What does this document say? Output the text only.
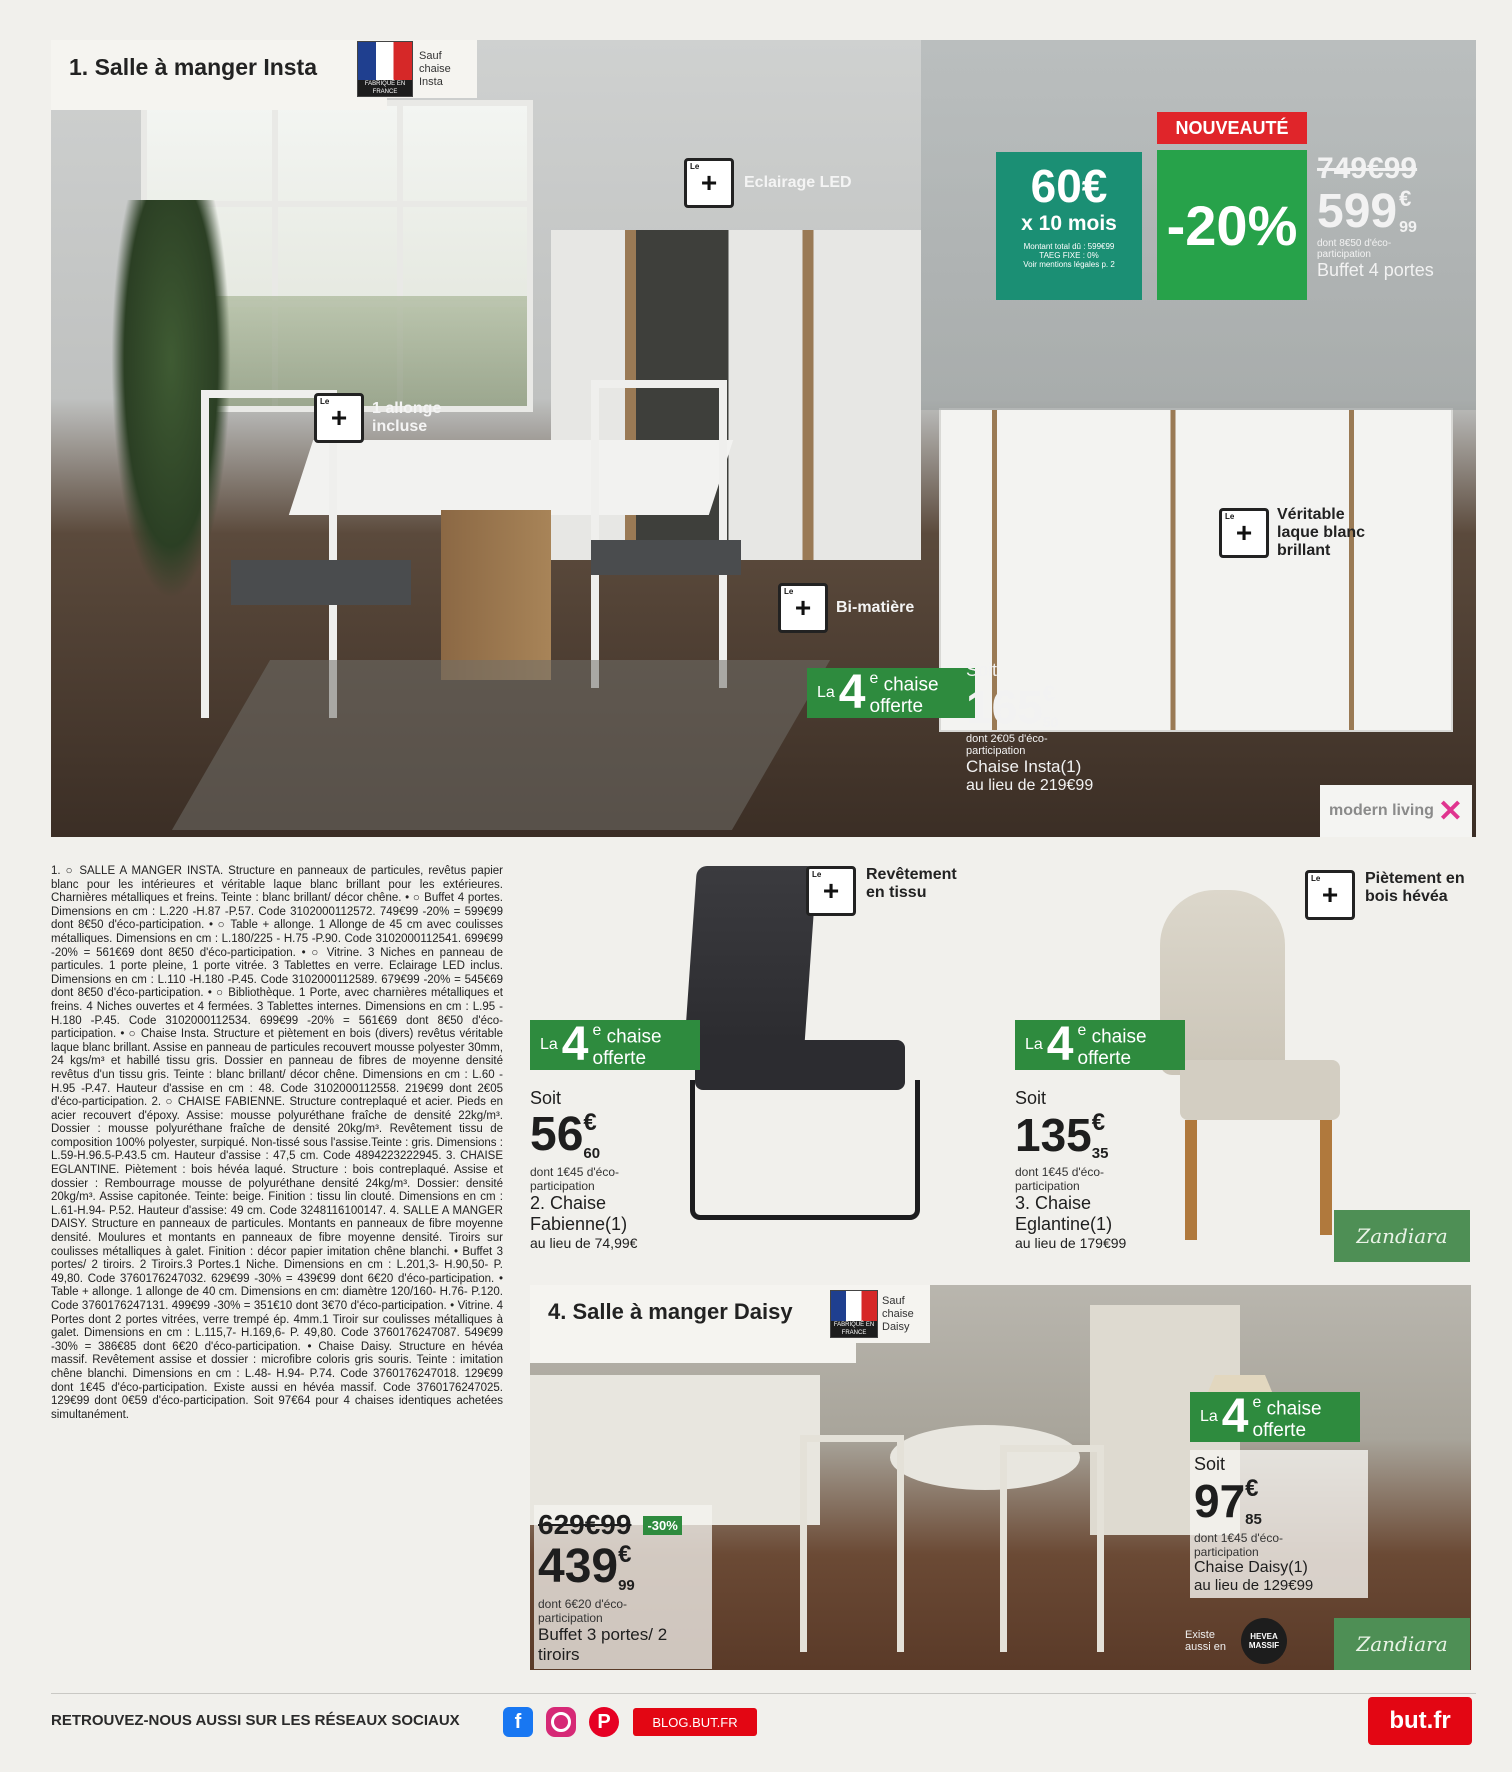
1. Salle à manger Insta
FABRIQUÉ EN FRANCE
Sauf chaise Insta
Le
+	Eclairage LED
Le
+	1 allonge incluse
Le
+	Bi-matière
Le
+
Véritable laque blanc brillant
60€
x 10 mois
Montant total dû : 599€99
TAEG FIXE : 0%
Voir mentions légales p. 2
NOUVEAUTÉ
-20%
749€99
599 €
99
dont 8€50 d'éco-participation
Buffet 4 portes
La 4 $^e$ chaise offerte
Soit
165 €
50
dont 2€05 d'éco-participation
Chaise Insta(1)
au lieu de 219€99
modern living ✕
1. ○ SALLE A MANGER INSTA. Structure en panneaux de particules, revêtus papier blanc pour les intérieures et véritable laque blanc brillant pour les extérieures. Charnières métalliques et freins. Teinte : blanc brillant/ décor chêne. • ○ Buffet 4 portes. Dimensions en cm : L.220 -H.87 -P.57. Code 3102000112572. 749€99 -20% = 599€99 dont 8€50 d'éco-participation. • ○ Table + allonge. 1 Allonge de 45 cm avec coulisses métalliques. Dimensions en cm : L.180/225 - H.75 -P.90. Code 3102000112541. 699€99 -20% = 561€69 dont 8€50 d'éco-participation. • ○ Vitrine. 3 Niches en panneau de particules. 1 porte pleine, 1 porte vitrée. 3 Tablettes en verre. Eclairage LED inclus. Dimensions en cm : L.110 -H.180 -P.45. Code 3102000112589. 679€99 -20% = 545€69 dont 8€50 d'éco-participation. • ○ Bibliothèque. 1 Porte, avec charnières métalliques et freins. 4 Niches ouvertes et 4 fermées. 3 Tablettes internes. Dimensions en cm : L.95 -H.180 -P.45. Code 3102000112534. 699€99 -20% = 561€69 dont 8€50 d'éco-participation. • ○ Chaise Insta. Structure et piètement en bois (divers) revêtus véritable laque blanc brillant. Assise en panneau de particules recouvert mousse polyester 30mm, 24 kgs/m³ et habillé tissu gris. Dossier en panneau de fibres de moyenne densité revêtus d'un tissu gris. Teinte : blanc brillant/ décor chêne. Dimensions en cm : L.60 -H.95 -P.47. Hauteur d'assise en cm : 48. Code 3102000112558. 219€99 dont 2€05 d'éco-participation. 2. ○ CHAISE FABIENNE. Structure contreplaqué et acier. Pieds en acier recouvert d'époxy. Assise: mousse polyuréthane fraîche de densité 22kg/m³. Dossier : mousse polyuréthane fraîche de densité 20kg/m³. Revêtement tissu de composition 100% polyester, surpiqué. Non-tissé sous l'assise.Teinte : gris. Dimensions : L.59-H.96.5-P.43.5 cm. Hauteur d'assise : 47,5 cm. Code 4894223222945. 3. CHAISE EGLANTINE. Piètement : bois hévéa laqué. Structure : bois contreplaqué. Assise et dossier : Rembourrage mousse de polyuréthane densité 24kg/m³. Dossier: densité 20kg/m³. Assise capitonée. Teinte: beige. Finition : tissu lin clouté. Dimensions en cm : L.61-H.94- P.52. Hauteur d'assise: 49 cm. Code 3248116100147. 4. SALLE A MANGER DAISY. Structure en panneaux de particules. Montants en panneaux de fibre moyenne densité. Moulures et montants en panneaux de fibre moyenne densité. Tiroirs sur coulisses métalliques à galet. Finition : décor papier imitation chêne blanchi. • Buffet 3 portes/ 2 tiroirs. 2 Tiroirs.3 Portes.1 Niche. Dimensions en cm : L.201,3- H.90,50- P. 49,80. Code 3760176247032. 629€99 -30% = 439€99 dont 6€20 d'éco-participation. • Table + allonge. 1 allonge de 40 cm. Dimensions en cm: diamètre 120/160- H.76- P.120. Code 3760176247131. 499€99 -30% = 351€10 dont 3€70 d'éco-participation. • Vitrine. 4 Portes dont 2 portes vitrées, verre trempé ép. 4mm.1 Tiroir sur coulisses métalliques à galet. Dimensions en cm : L.115,7- H.169,6- P. 49,80. Code 3760176247087. 549€99 -30% = 386€85 dont 6€20 d'éco-participation. • Chaise Daisy. Structure en hévéa massif. Revêtement assise et dossier : microfibre coloris gris souris. Teinte : imitation chêne blanchi. Dimensions en cm : L.48- H.94- P.74. Code 3760176247018. 129€99 dont 1€45 d'éco-participation. Existe aussi en hévéa massif. Code 3760176247025. 129€99 dont 0€59 d'éco-participation. Soit 97€64 pour 4 chaises identiques achetées simultanément.
Le
+
Revêtement en tissu
La 4 $^e$ chaise offerte
Soit
56 €
60
dont 1€45 d'éco-participation
2. Chaise Fabienne(1)
au lieu de 74,99€
Le
+
Piètement en bois hévéa
La 4 $^e$ chaise offerte
Soit
135 €
35
dont 1€45 d'éco-participation
3. Chaise Eglantine(1)
au lieu de 179€99	Zandiara
4. Salle à manger Daisy
FABRIQUÉ EN FRANCE
Sauf chaise Daisy
629€99	-30%
439 €
99
dont 6€20 d'éco-participation
Buffet 3 portes/ 2 tiroirs
La 4 $^e$ chaise offerte
Soit
97 €
85
dont 1€45 d'éco-participation
Chaise Daisy(1)
au lieu de 129€99
Existe aussi en
HEVEA MASSIF	Zandiara
RETROUVEZ-NOUS AUSSI SUR LES RÉSEAUX SOCIAUX	f	P	BLOG.BUT.FR	but.fr
